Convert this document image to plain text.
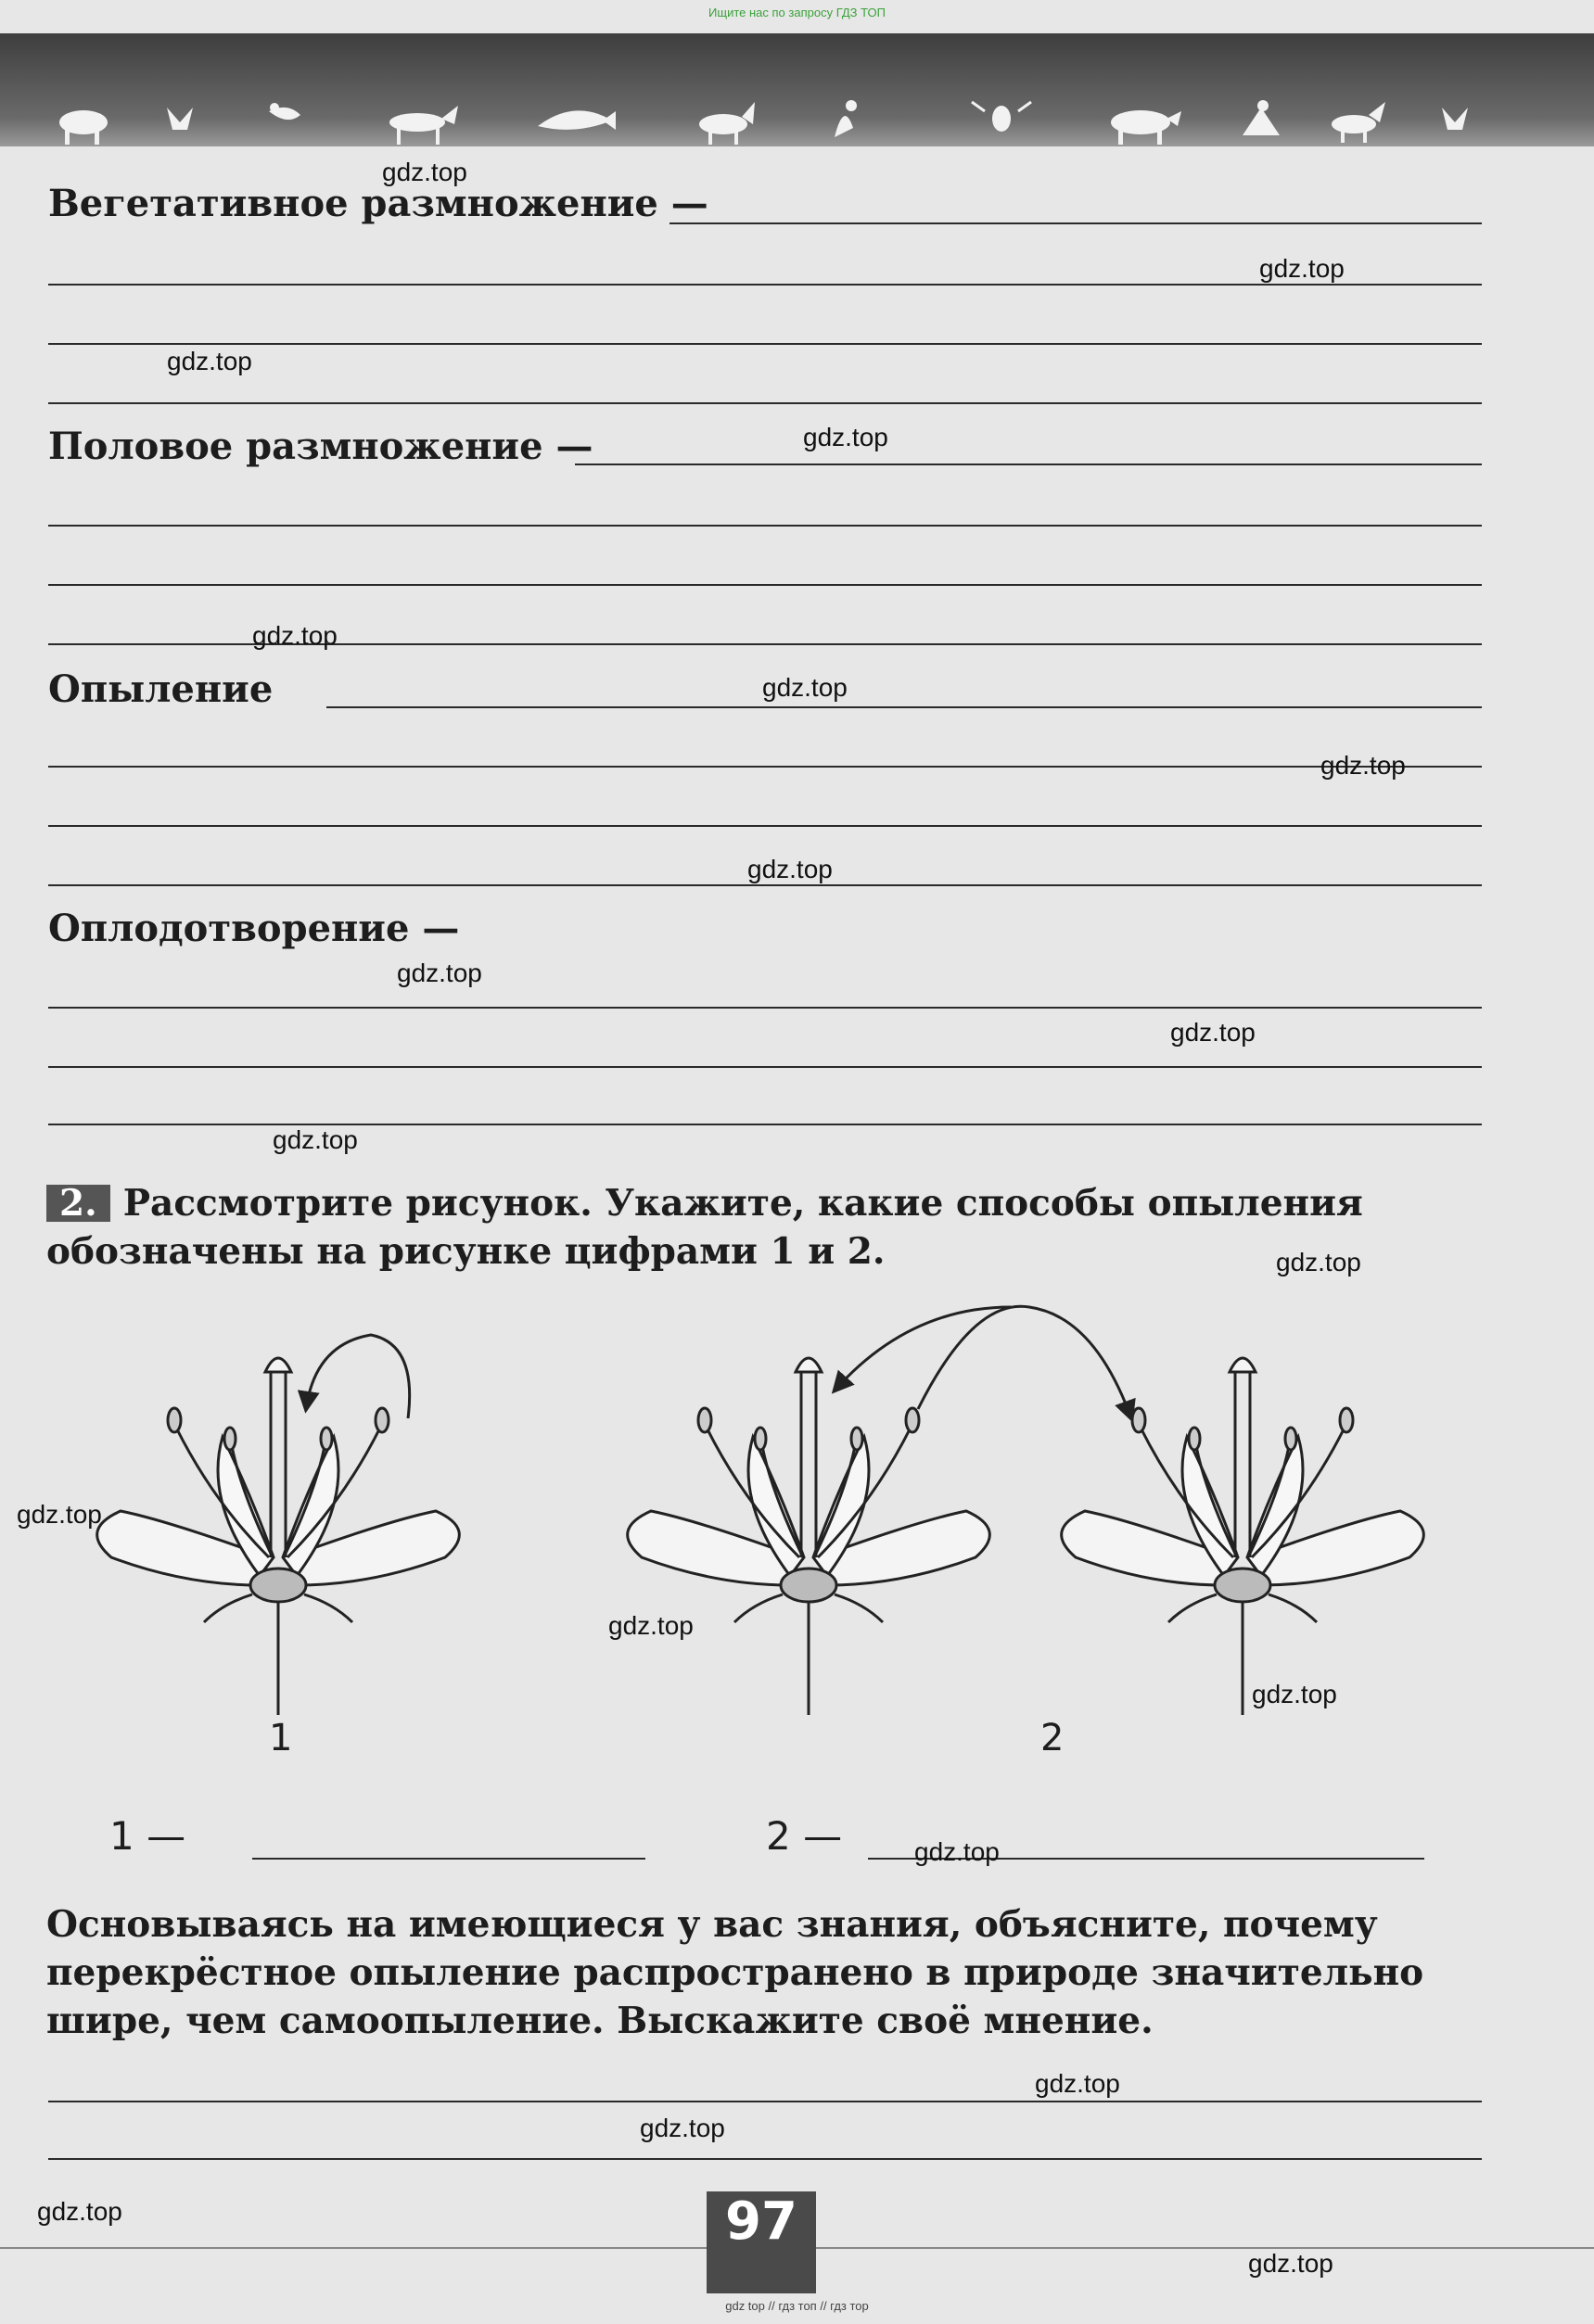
Ищите нас по запросу ГДЗ ТОП
Вегетативное размножение —
Половое размножение —
Опыление
Оплодотворение —
2. Рассмотрите рисунок. Укажите, какие способы опыления обозначены на рисунке цифрами 1 и 2.
1	2
1 —	2 —
Основываясь на имеющиеся у вас знания, объясните, почему перекрёстное опыление распространено в природе значительно шире, чем самоопыление. Выскажите своё мнение.
97
gdz.top
gdz.top
gdz.top
gdz.top
gdz.top
gdz.top
gdz.top
gdz.top
gdz.top
gdz.top
gdz.top
gdz.top
gdz.top
gdz.top
gdz.top
gdz.top
gdz.top
gdz.top
gdz.top
gdz.top
gdz top // гдз топ // гдз тор
